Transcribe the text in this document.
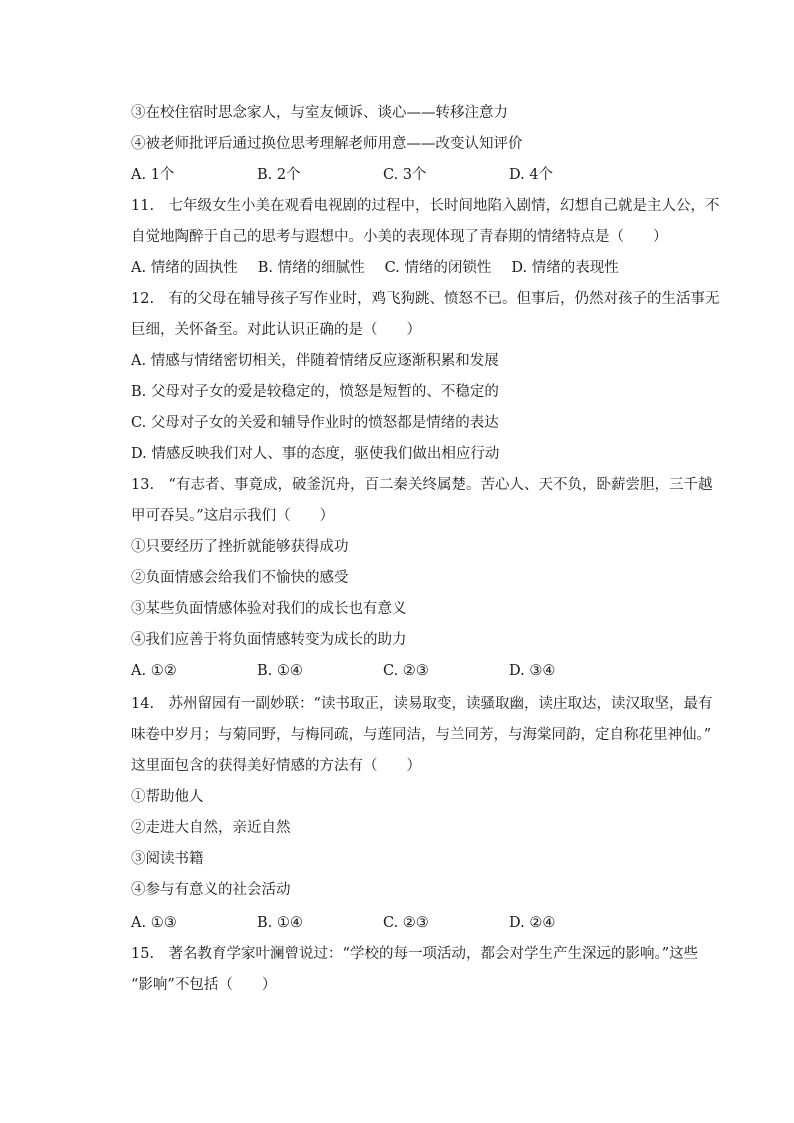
③在校住宿时思念家人，与室友倾诉、谈心——转移注意力
④被老师批评后通过换位思考理解老师用意——改变认知评价
A. 1个	B. 2个	C. 3个	D. 4个
11.　七年级女生小美在观看电视剧的过程中，长时间地陷入剧情，幻想自己就是主人公，不
自觉地陶醉于自己的思考与遐想中。小美的表现体现了青春期的情绪特点是（　　）
A. 情绪的固执性 B. 情绪的细腻性 C. 情绪的闭锁性 D. 情绪的表现性
12.　有的父母在辅导孩子写作业时，鸡飞狗跳、愤怒不已。但事后，仍然对孩子的生活事无
巨细，关怀备至。对此认识正确的是（　　）
A. 情感与情绪密切相关，伴随着情绪反应逐渐积累和发展
B. 父母对子女的爱是较稳定的，愤怒是短暂的、不稳定的
C. 父母对子女的关爱和辅导作业时的愤怒都是情绪的表达
D. 情感反映我们对人、事的态度，驱使我们做出相应行动
13.　“有志者、事竟成，破釜沉舟，百二秦关终属楚。苦心人、天不负，卧薪尝胆，三千越
甲可吞吴。”这启示我们（　　）
①只要经历了挫折就能够获得成功
②负面情感会给我们不愉快的感受
③某些负面情感体验对我们的成长也有意义
④我们应善于将负面情感转变为成长的助力
A. ①②	B. ①④	C. ②③	D. ③④
14.　苏州留园有一副妙联：“读书取正，读易取变，读骚取幽，读庄取达，读汉取坚，最有
味卷中岁月；与菊同野，与梅同疏，与莲同洁，与兰同芳，与海棠同韵，定自称花里神仙。”
这里面包含的获得美好情感的方法有（　　）
①帮助他人
②走进大自然，亲近自然
③阅读书籍
④参与有意义的社会活动
A. ①③	B. ①④	C. ②③	D. ②④
15.　著名教育学家叶澜曾说过：“学校的每一项活动，都会对学生产生深远的影响。”这些
“影响”不包括（　　）
